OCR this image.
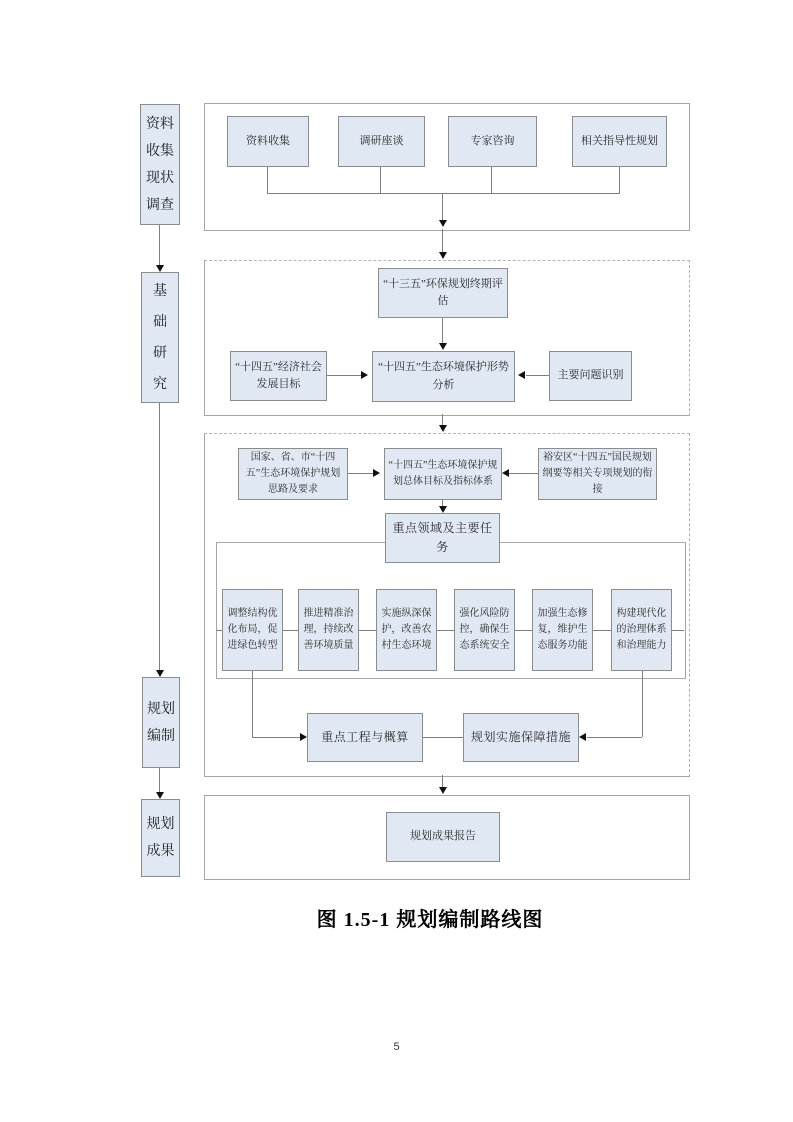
资料收集现状调查
基础研究
规划编制
规划成果
资料收集	调研座谈	专家咨询	相关指导性规划
“十三五”环保规划终期评估
“十四五”经济社会发展目标
“十四五”生态环境保护形势分析
主要问题识别
国家、省、市“十四五”生态环境保护规划思路及要求
“十四五”生态环境保护规划总体目标及指标体系
裕安区“十四五”国民规划纲要等相关专项规划的衔接
重点领域及主要任务
调整结构优化布局，促进绿色转型
推进精准治理，持续改善环境质量
实施纵深保护，改善农村生态环境
强化风险防控，确保生态系统安全
加强生态修复，维护生态服务功能
构建现代化的治理体系和治理能力
重点工程与概算	规划实施保障措施
规划成果报告
图 1.5-1 规划编制路线图
5
